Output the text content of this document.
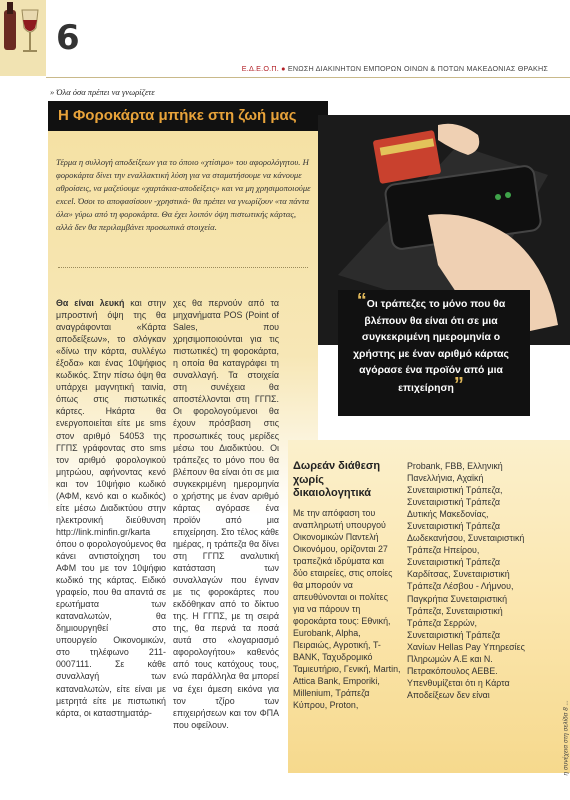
6
Ε.Δ.Ε.Ο.Π. ● ΕΝΩΣΗ ΔΙΑΚΙΝΗΤΩΝ ΕΜΠΟΡΩΝ ΟΙΝΩΝ & ΠΟΤΩΝ ΜΑΚΕΔΟΝΙΑΣ ΘΡΑΚΗΣ
» Όλα όσα πρέπει να γνωρίζετε
Η Φοροκάρτα μπήκε στη ζωή μας
Τέρμα η συλλογή αποδείξεων για το όποιο «χτίσιμο» του αφορολόγητου. Η φοροκάρτα δίνει την εναλλακτική λύση για να σταματήσουμε να κάνουμε αθροίσεις, να μαζεύουμε «χαρτάκια-αποδείξεις» και να μη χρησιμοποιούμε excel. Όσοι το αποφασίσουν -χρηστικά- θα πρέπει να γνωρίζουν «τα πάντα όλα» γύρω από τη φοροκάρτα. Θα έχει λοιπόν όψη πιστωτικής κάρτας, αλλά δεν θα περιλαμβάνει προσωπικά στοιχεία.
“Οι τράπεζες το μόνο που θα βλέπουν θα είναι ότι σε μια συγκεκριμένη ημερομηνία ο χρήστης με έναν αριθμό κάρτας αγόρασε ένα προϊόν από μια επιχείρηση”
Θα είναι λευκή και στην μπροστινή όψη της θα αναγράφονται «Κάρτα αποδείξεων», το σλόγκαν «δίνω την κάρτα, συλλέγω έξοδα» και ένας 10ψήφιος κωδικός. Στην πίσω όψη θα υπάρχει μαγνητική ταινία, όπως στις πιστωτικές κάρτες. Ηκάρτα θα ενεργοποιείται είτε με sms στον αριθμό 54053 της ΓΓΠΣ γράφοντας στο sms τον αριθμό φορολογικού μητρώου, αφήνοντας κενό και τον 10ψήφιο κωδικό (ΑΦΜ, κενό και ο κωδικός) είτε μέσω Διαδικτύου στην ηλεκτρονική διεύθυνση http://link.minfin.gr/karta όπου ο φορολογούμενος θα κάνει αντιστοίχηση του ΑΦΜ του με τον 10ψήφιο κωδικό της κάρτας. Ειδικό γραφείο, που θα απαντά σε ερωτήματα των καταναλωτών, θα δημιουργηθεί στο υπουργείο Οικονομικών, στο τηλέφωνο 211-0007111. Σε κάθε συναλλαγή των καταναλωτών, είτε είναι με μετρητά είτε με πιστωτική κάρτα, οι καταστηματάρ-
χες θα περνούν από τα μηχανήματα POS (Point of Sales, που χρησιμοποιούνται για τις πιστωτικές) τη φοροκάρτα, η οποία θα καταγράφει τη συναλλαγή. Τα στοιχεία στη συνέχεια θα αποστέλλονται στη ΓΓΠΣ. Οι φορολογούμενοι θα έχουν πρόσβαση στις προσωπικές τους μερίδες μέσω του Διαδικτύου. Οι τράπεζες το μόνο που θα βλέπουν θα είναι ότι σε μια συγκεκριμένη ημερομηνία ο χρήστης με έναν αριθμό κάρτας αγόρασε ένα προϊόν από μια επιχείρηση. Στο τέλος κάθε ημέρας, η τράπεζα θα δίνει στη ΓΓΠΣ αναλυτική κατάσταση των συναλλαγών που έγιναν με τις φοροκάρτες που εκδόθηκαν από το δίκτυο της. Η ΓΓΠΣ, με τη σειρά της, θα περνά τα ποσά αυτά στο «λογαριασμό αφορολογήτου» καθενός από τους κατόχους τους, ενώ παράλληλα θα μπορεί να έχει άμεση εικόνα για τον τζίρο των επιχειρήσεων και τον ΦΠΑ που οφείλουν.
Δωρεάν διάθεση χωρίς δικαιολογητικά
Με την απόφαση του αναπληρωτή υπουργού Οικονομικών Παντελή Οικονόμου, ορίζονται 27 τραπεζικά ιδρύματα και δύο εταιρείες, στις οποίες θα μπορούν να απευθύνονται οι πολίτες για να πάρουν τη φοροκάρτα τους: Εθνική, Eurobank, Alpha, Πειραιώς, Αγροτική, T-BANK, Ταχυδρομικό Ταμιευτήριο, Γενική, Martin, Attica Bank, Emporiki, Millenium, Τράπεζα Κύπρου, Proton,
Probank, FBB, Ελληνική Πανελλήνια, Αχαϊκή Συνεταιριστική Τράπεζα, Συνεταιριστική Τράπεζα Δυτικής Μακεδονίας, Συνεταιριστική Τράπεζα Δωδεκανήσου, Συνεταιριστική Τράπεζα Ηπείρου, Συνεταιριστική Τράπεζα Καρδίτσας, Συνεταιριστική Τράπεζα Λέσβου - Λήμνου, Παγκρήτια Συνεταιριστική Τράπεζα, Συνεταιριστική Τράπεζα Σερρών, Συνεταιριστική Τράπεζα Χανίων Hellas Pay Υπηρεσίες Πληρωμών Α.Ε και Ν. Πετρακόπουλος ΑΕΒΕ. Υπενθυμίζεται ότι η Κάρτα Αποδείξεων δεν είναι
η συνέχεια στη σελίδα 8 ...
